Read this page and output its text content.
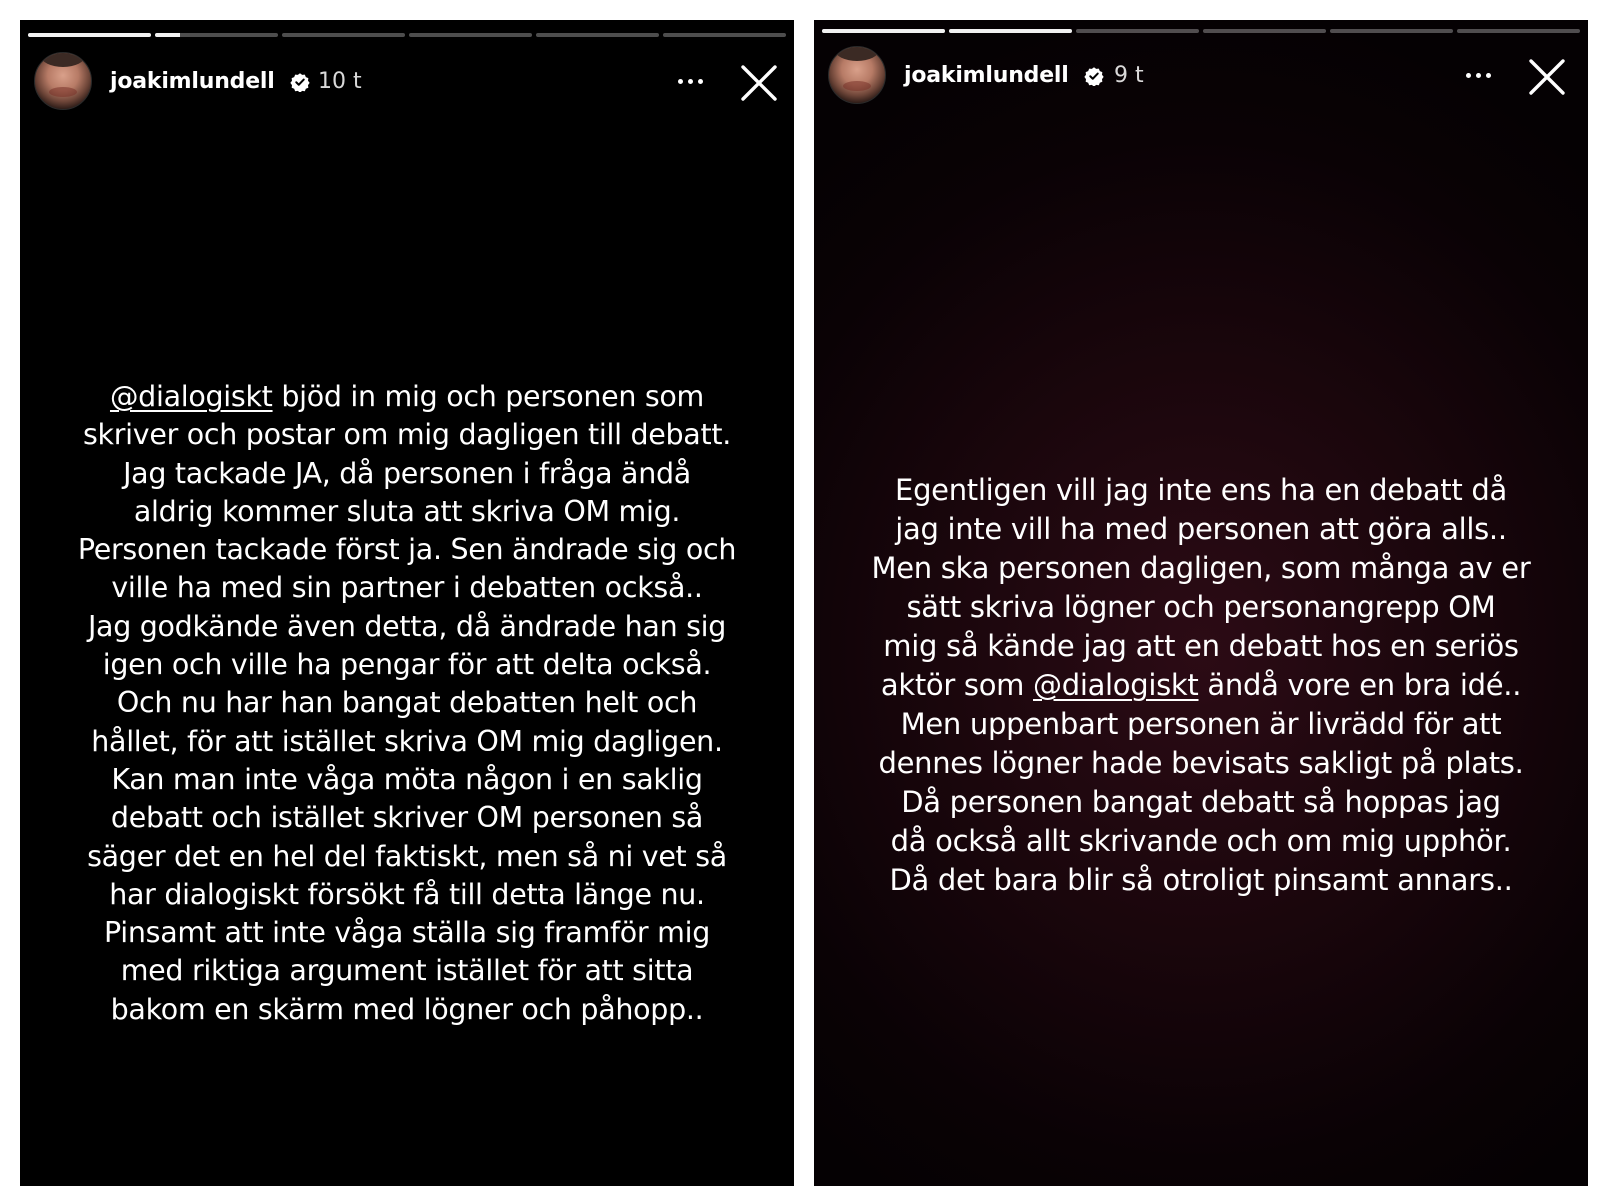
joakimlundell 10 t
@dialogiskt bjöd in mig och personen som
skriver och postar om mig dagligen till debatt.
Jag tackade JA, då personen i fråga ändå
aldrig kommer sluta att skriva OM mig.
Personen tackade först ja. Sen ändrade sig och
ville ha med sin partner i debatten också..
Jag godkände även detta, då ändrade han sig
igen och ville ha pengar för att delta också.
Och nu har han bangat debatten helt och
hållet, för att istället skriva OM mig dagligen.
Kan man inte våga möta någon i en saklig
debatt och istället skriver OM personen så
säger det en hel del faktiskt, men så ni vet så
har dialogiskt försökt få till detta länge nu.
Pinsamt att inte våga ställa sig framför mig
med riktiga argument istället för att sitta
bakom en skärm med lögner och påhopp..
joakimlundell 9 t
Egentligen vill jag inte ens ha en debatt då
jag inte vill ha med personen att göra alls..
Men ska personen dagligen, som många av er
sätt skriva lögner och personangrepp OM
mig så kände jag att en debatt hos en seriös
aktör som @dialogiskt ändå vore en bra idé..
Men uppenbart personen är livrädd för att
dennes lögner hade bevisats sakligt på plats.
Då personen bangat debatt så hoppas jag
då också allt skrivande och om mig upphör.
Då det bara blir så otroligt pinsamt annars..
